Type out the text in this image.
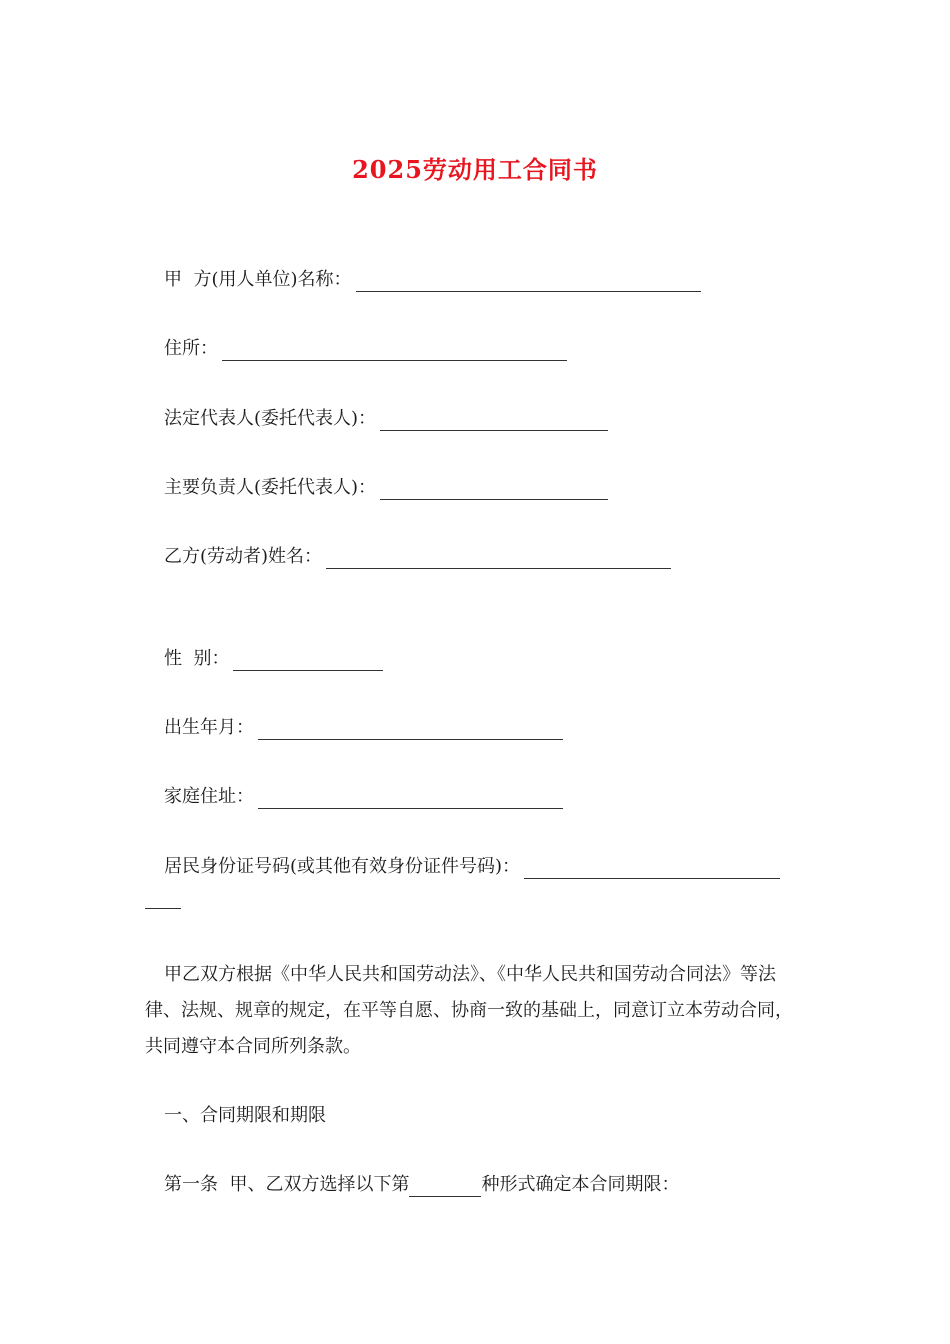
2025劳动用工合同书
甲  方(用人单位)名称：
住所：
法定代表人(委托代表人)：
主要负责人(委托代表人)：
乙方(劳动者)姓名：
性  别：
出生年月：
家庭住址：
居民身份证号码(或其他有效身份证件号码)：
甲乙双方根据《中华人民共和国劳动法》、《中华人民共和国劳动合同法》等法律、法规、规章的规定，在平等自愿、协商一致的基础上，同意订立本劳动合同，共同遵守本合同所列条款。
一、合同期限和期限
第一条  甲、乙双方选择以下第	种形式确定本合同期限：
